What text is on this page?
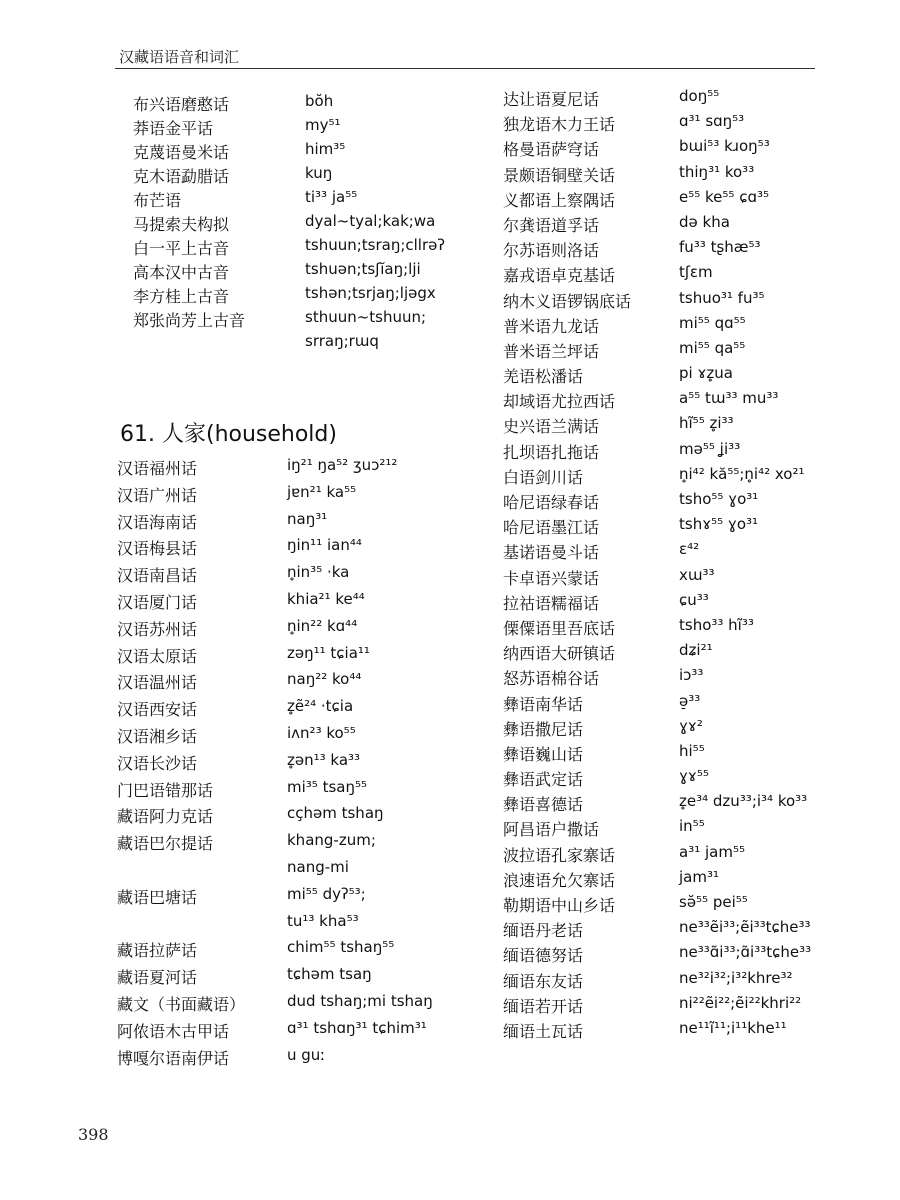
汉藏语语音和词汇
布兴语磨憨话	bŏh
莽语金平话	my⁵¹
克蔑语曼米话	him³⁵
克木语勐腊话	kuŋ
布芒语	ti³³ ja⁵⁵
马提索夫构拟	dyal~tyal;kak;wa
白一平上古音	tshuun;tsraŋ;cllrəʔ
高本汉中古音	tshuən;tsʃĭaŋ;lji
李方桂上古音	tshən;tsrjaŋ;ljəgx
郑张尚芳上古音	sthuun~tshuun;
srraŋ;rɯq
61. 人家(household)
汉语福州话	iŋ²¹ ŋa⁵² ʒuɔ²¹²
汉语广州话	jɐn²¹ ka⁵⁵
汉语海南话	naŋ³¹
汉语梅县话	ŋin¹¹ ian⁴⁴
汉语南昌话	n̥in³⁵ ·ka
汉语厦门话	khia²¹ ke⁴⁴
汉语苏州话	n̥in²² kɑ⁴⁴
汉语太原话	zəŋ¹¹ tɕia¹¹
汉语温州话	naŋ²² ko⁴⁴
汉语西安话	z̥ẽ²⁴ ·tɕia
汉语湘乡话	iʌn²³ ko⁵⁵
汉语长沙话	z̥ən¹³ ka³³
门巴语错那话	mi³⁵ tsaŋ⁵⁵
藏语阿力克话	cçhəm tshaŋ
藏语巴尔提话	khang-zum;
nang-mi
藏语巴塘话	mi⁵⁵ dyʔ⁵³;
tu¹³ kha⁵³
藏语拉萨话	chim⁵⁵ tshaŋ⁵⁵
藏语夏河话	tɕhəm tsaŋ
藏文（书面藏语）	dud tshaŋ;mi tshaŋ
阿侬语木古甲话	ɑ³¹ tshɑŋ³¹ tɕhim³¹
博嘎尔语南伊话	u guː
达让语夏尼话	doŋ⁵⁵
独龙语木力王话	ɑ³¹ sɑŋ⁵³
格曼语萨穹话	bɯi⁵³ kɹoŋ⁵³
景颇语铜壁关话	thiŋ³¹ ko³³
义都语上察隅话	e⁵⁵ ke⁵⁵ ɕɑ³⁵
尔龚语道孚话	də kha
尔苏语则洛话	fu³³ tʂhæ⁵³
嘉戎语卓克基话	tʃɛm
纳木义语锣锅底话	tshuo³¹ fu³⁵
普米语九龙话	mi⁵⁵ qɑ⁵⁵
普米语兰坪话	mi⁵⁵ qa⁵⁵
羌语松潘话	pi ɤz̥ua
却域语尤拉西话	a⁵⁵ tɯ³³ mu³³
史兴语兰满话	hĩ⁵⁵ z̥i³³
扎坝语扎拖话	mə⁵⁵ ʝi³³
白语剑川话	n̥i⁴² kă⁵⁵;n̥i⁴² xo²¹
哈尼语绿春话	tsho⁵⁵ ɣo³¹
哈尼语墨江话	tshɤ⁵⁵ ɣo³¹
基诺语曼斗话	ɛ⁴²
卡卓语兴蒙话	xɯ³³
拉祜语糯福话	ɕu³³
傈僳语里吾底话	tsho³³ hĩ³³
纳西语大研镇话	dʑi²¹
怒苏语棉谷话	iɔ³³
彝语南华话	ə̠³³
彝语撒尼话	ɣɤ²
彝语巍山话	hi⁵⁵
彝语武定话	ɣɤ⁵⁵
彝语喜德话	z̥e³⁴ dzu³³;i³⁴ ko³³
阿昌语户撒话	in⁵⁵
波拉语孔家寨话	a³¹ jam⁵⁵
浪速语允欠寨话	jam³¹
勒期语中山乡话	sə̆⁵⁵ pei⁵⁵
缅语丹老话	ne³³ẽi³³;ẽi³³tɕhe³³
缅语德努话	ne³³ɑ̃i³³;ɑ̃i³³tɕhe³³
缅语东友话	ne³²i³²;i³²khre³²
缅语若开话	ni²²ẽi²²;ẽi²²khri²²
缅语土瓦话	ne¹¹ĩ¹¹;i¹¹khe¹¹
398
